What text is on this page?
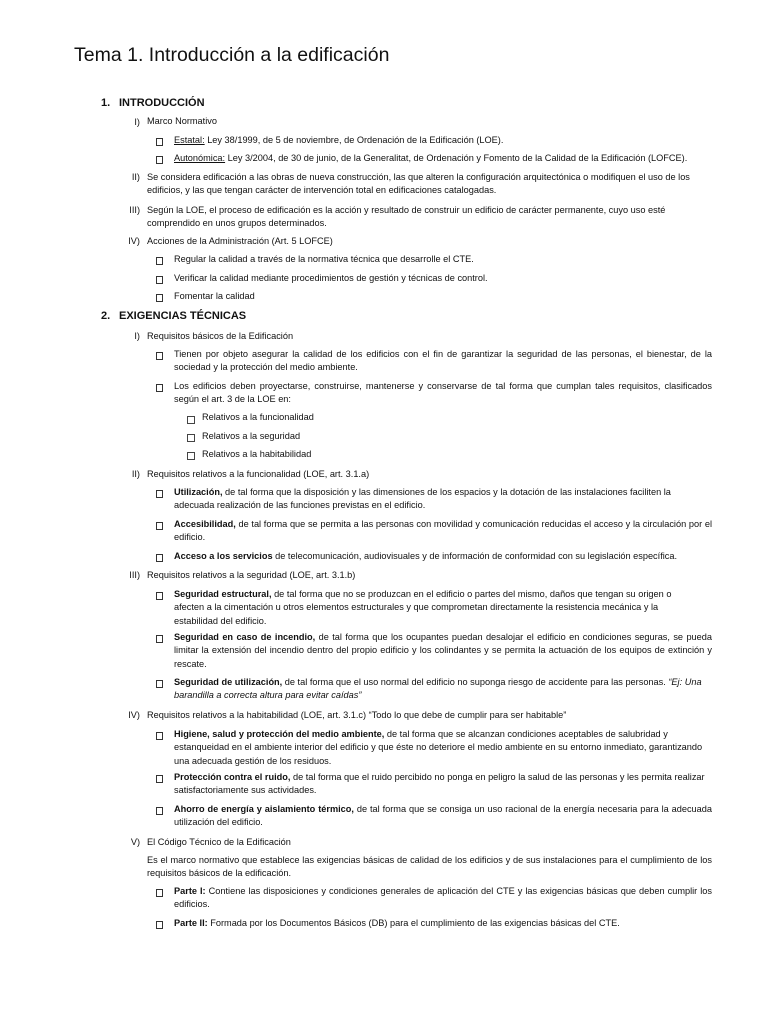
Tema 1. Introducción a la edificación
1. INTRODUCCIÓN
I) Marco Normativo
Estatal: Ley 38/1999, de 5 de noviembre, de Ordenación de la Edificación (LOE).
Autonómica: Ley 3/2004, de 30 de junio, de la Generalitat, de Ordenación y Fomento de la Calidad de la Edificación (LOFCE).
II) Se considera edificación a las obras de nueva construcción, las que alteren la configuración arquitectónica o modifiquen el uso de los edificios, y las que tengan carácter de intervención total en edificaciones catalogadas.
III) Según la LOE, el proceso de edificación es la acción y resultado de construir un edificio de carácter permanente, cuyo uso esté comprendido en unos grupos determinados.
IV) Acciones de la Administración (Art. 5 LOFCE)
Regular la calidad a través de la normativa técnica que desarrolle el CTE.
Verificar la calidad mediante procedimientos de gestión y técnicas de control.
Fomentar la calidad
2. EXIGENCIAS TÉCNICAS
I) Requisitos básicos de la Edificación
Tienen por objeto asegurar la calidad de los edificios con el fin de garantizar la seguridad de las personas, el bienestar, de la sociedad y la protección del medio ambiente.
Los edificios deben proyectarse, construirse, mantenerse y conservarse de tal forma que cumplan tales requisitos, clasificados según el art. 3 de la LOE en:
Relativos a la funcionalidad
Relativos a la seguridad
Relativos a la habitabilidad
II) Requisitos relativos a la funcionalidad (LOE, art. 3.1.a)
Utilización, de tal forma que la disposición y las dimensiones de los espacios y la dotación de las instalaciones faciliten la adecuada realización de las funciones previstas en el edificio.
Accesibilidad, de tal forma que se permita a las personas con movilidad y comunicación reducidas el acceso y la circulación por el edificio.
Acceso a los servicios de telecomunicación, audiovisuales y de información de conformidad con su legislación específica.
III) Requisitos relativos a la seguridad (LOE, art. 3.1.b)
Seguridad estructural, de tal forma que no se produzcan en el edificio o partes del mismo, daños que tengan su origen o afecten a la cimentación u otros elementos estructurales y que comprometan directamente la resistencia mecánica y la estabilidad del edificio.
Seguridad en caso de incendio, de tal forma que los ocupantes puedan desalojar el edificio en condiciones seguras, se pueda limitar la extensión del incendio dentro del propio edificio y los colindantes y se permita la actuación de los equipos de extinción y rescate.
Seguridad de utilización, de tal forma que el uso normal del edificio no suponga riesgo de accidente para las personas. “Ej: Una barandilla a correcta altura para evitar caídas”
IV) Requisitos relativos a la habitabilidad (LOE, art. 3.1.c) “Todo lo que debe de cumplir para ser habitable”
Higiene, salud y protección del medio ambiente, de tal forma que se alcanzan condiciones aceptables de salubridad y estanqueidad en el ambiente interior del edificio y que éste no deteriore el medio ambiente en su entorno inmediato, garantizando una adecuada gestión de los residuos.
Protección contra el ruido, de tal forma que el ruido percibido no ponga en peligro la salud de las personas y les permita realizar satisfactoriamente sus actividades.
Ahorro de energía y aislamiento térmico, de tal forma que se consiga un uso racional de la energía necesaria para la adecuada utilización del edificio.
V) El Código Técnico de la Edificación
Es el marco normativo que establece las exigencias básicas de calidad de los edificios y de sus instalaciones para el cumplimiento de los requisitos básicos de la edificación.
Parte I: Contiene las disposiciones y condiciones generales de aplicación del CTE y las exigencias básicas que deben cumplir los edificios.
Parte II: Formada por los Documentos Básicos (DB) para el cumplimiento de las exigencias básicas del CTE.
